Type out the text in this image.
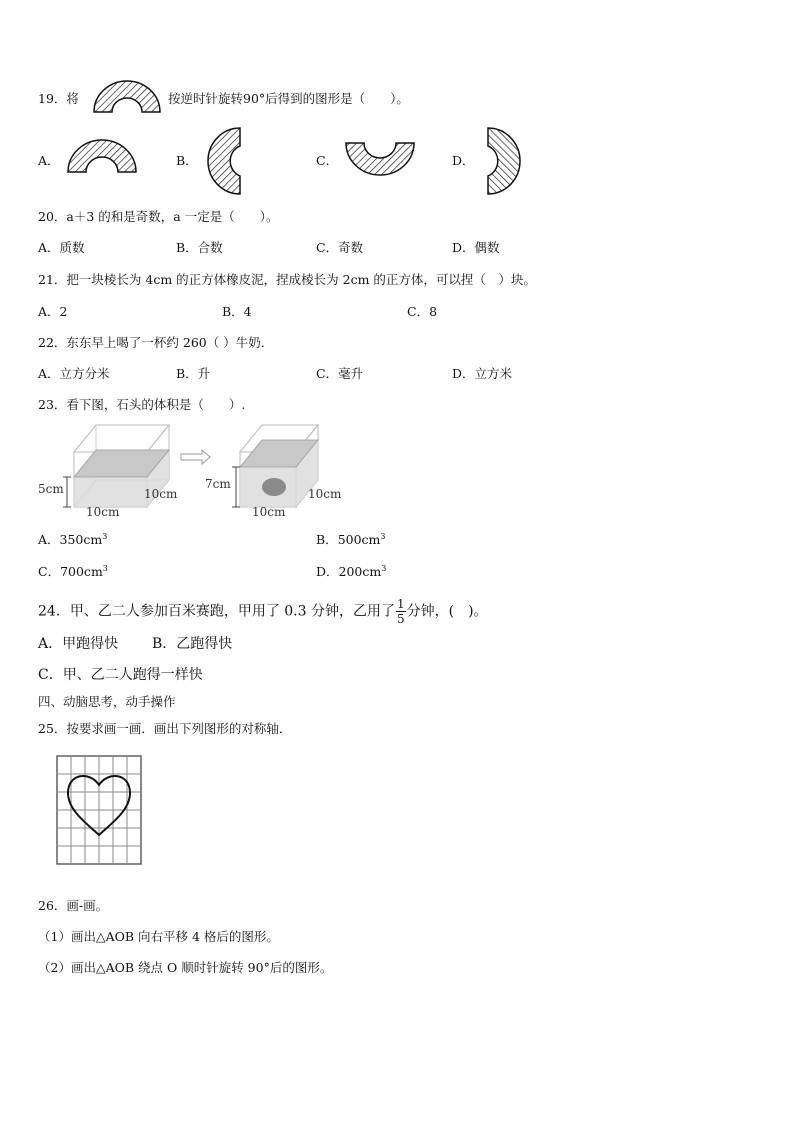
19．将	按逆时针旋转90°后得到的图形是（　　）。
A．	B．	C．	D．
20．a＋3 的和是奇数，a 一定是（　　）。
A．质数	B．合数	C．奇数	D．偶数
21．把一块棱长为 4cm 的正方体橡皮泥，捏成棱长为 2cm 的正方体，可以捏（　）块。
A．2	B．4	C．8
22．东东早上喝了一杯约 260（ ）牛奶．
A．立方分米	B．升	C．毫升	D．立方米
23．看下图，石头的体积是（　　）.
5cm	10cm
10cm
7cm
10cm
10cm
A．$350cm^3$	B．$500cm^3$
C．$700cm^3$	D．$200cm^3$
24．甲、乙二人参加百米赛跑，甲用了 0.3 分钟，乙用了 $\frac{1}{5}$ 分钟，(　)。
A．甲跑得快 B．乙跑得快
C．甲、乙二人跑得一样快
四、动脑思考，动手操作
25．按要求画一画．画出下列图形的对称轴．
26．画-画。
（1）画出△AOB 向右平移 4 格后的图形。
（2）画出△AOB 绕点 O 顺时针旋转 90°后的图形。
